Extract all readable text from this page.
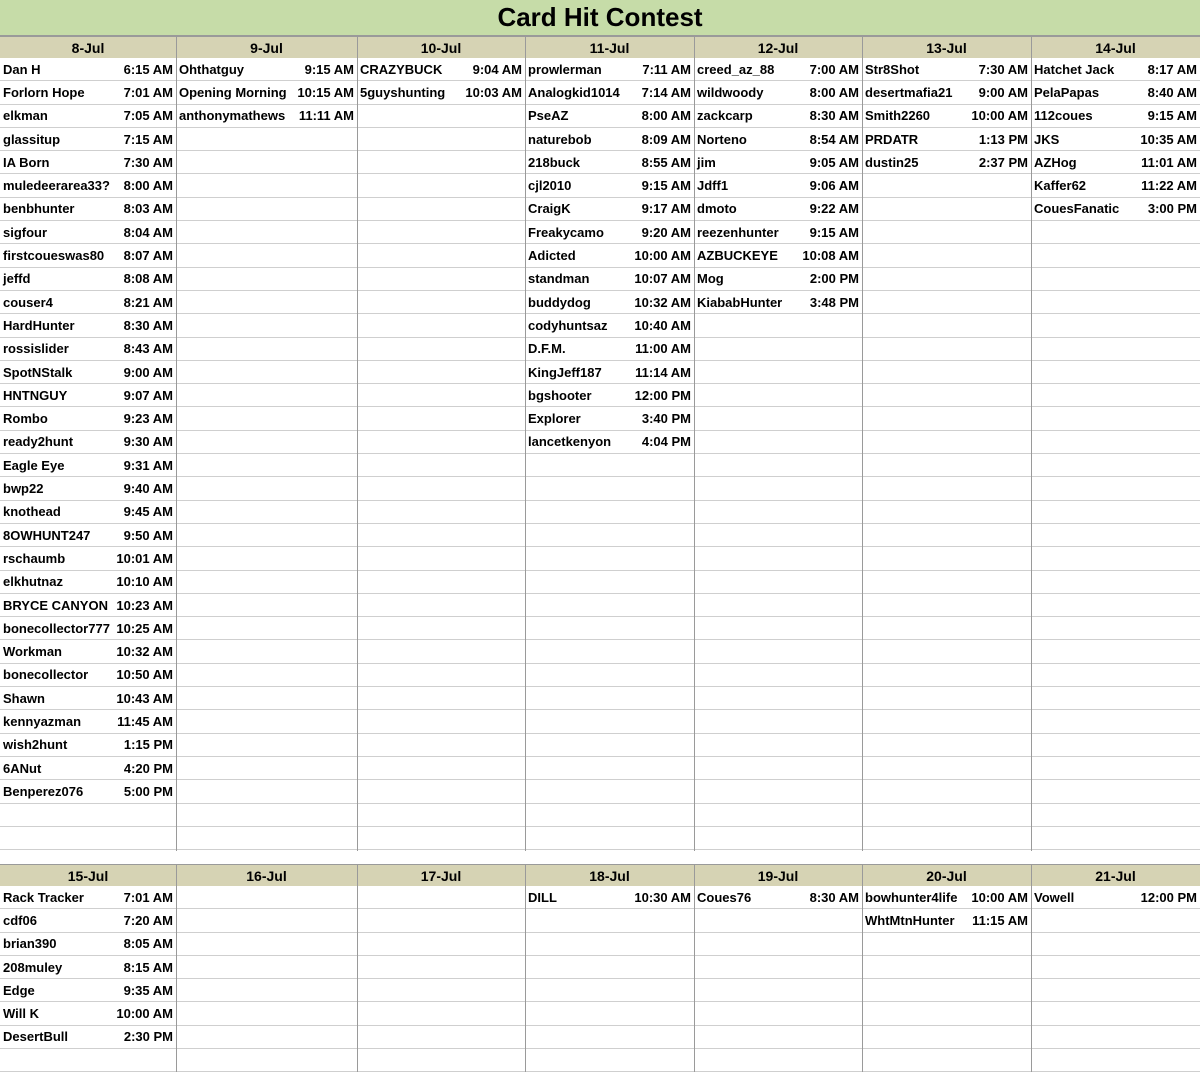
Card Hit Contest
8-Jul
Dan H	6:15 AM
Forlorn Hope	7:01 AM
elkman	7:05 AM
glassitup	7:15 AM
IA Born	7:30 AM
muledeerarea33? 8:00 AM
benbhunter	8:03 AM
sigfour	8:04 AM
firstcoueswas80 8:07 AM
jeffd	8:08 AM
couser4	8:21 AM
HardHunter	8:30 AM
rossislider	8:43 AM
SpotNStalk	9:00 AM
HNTNGUY	9:07 AM
Rombo	9:23 AM
ready2hunt	9:30 AM
Eagle Eye	9:31 AM
bwp22	9:40 AM
knothead	9:45 AM
8OWHUNT247	9:50 AM
rschaumb	10:01 AM
elkhutnaz	10:10 AM
BRYCE CANYON 10:23 AM
bonecollector777 10:25 AM
Workman	10:32 AM
bonecollector 10:50 AM
Shawn	10:43 AM
kennyazman	11:45 AM
wish2hunt	1:15 PM
6ANut	4:20 PM
Benperez076	5:00 PM
9-Jul
Ohthatguy	9:15 AM
Opening Morning 10:15 AM
anthonymathews 11:11 AM
10-Jul
CRAZYBUCK 9:04 AM
5guyshunting 10:03 AM
11-Jul
prowlerman	7:11 AM
Analogkid1014 7:14 AM
PseAZ	8:00 AM
naturebob	8:09 AM
218buck	8:55 AM
cjl2010	9:15 AM
CraigK	9:17 AM
Freakycamo	9:20 AM
Adicted	10:00 AM
standman	10:07 AM
buddydog	10:32 AM
codyhuntsaz 10:40 AM
D.F.M.	11:00 AM
KingJeff187	11:14 AM
bgshooter	12:00 PM
Explorer	3:40 PM
lancetkenyon 4:04 PM
12-Jul
creed_az_88	7:00 AM
wildwoody	8:00 AM
zackcarp	8:30 AM
Norteno	8:54 AM
jim	9:05 AM
Jdff1	9:06 AM
dmoto	9:22 AM
reezenhunter 9:15 AM
AZBUCKEYE 10:08 AM
Mog	2:00 PM
KiababHunter 3:48 PM
13-Jul
Str8Shot	7:30 AM
desertmafia21 9:00 AM
Smith2260	10:00 AM
PRDATR	1:13 PM
dustin25	2:37 PM
14-Jul
Hatchet Jack	8:17 AM
PelaPapas	8:40 AM
112coues	9:15 AM
JKS	10:35 AM
AZHog	11:01 AM
Kaffer62	11:22 AM
CouesFanatic 3:00 PM
15-Jul
Rack Tracker	7:01 AM
cdf06	7:20 AM
brian390	8:05 AM
208muley	8:15 AM
Edge	9:35 AM
Will K	10:00 AM
DesertBull	2:30 PM
16-Jul	17-Jul	18-Jul
DILL	10:30 AM
19-Jul
Coues76	8:30 AM
20-Jul
bowhunter4life 10:00 AM
WhtMtnHunter 11:15 AM
21-Jul
Vowell	12:00 PM
